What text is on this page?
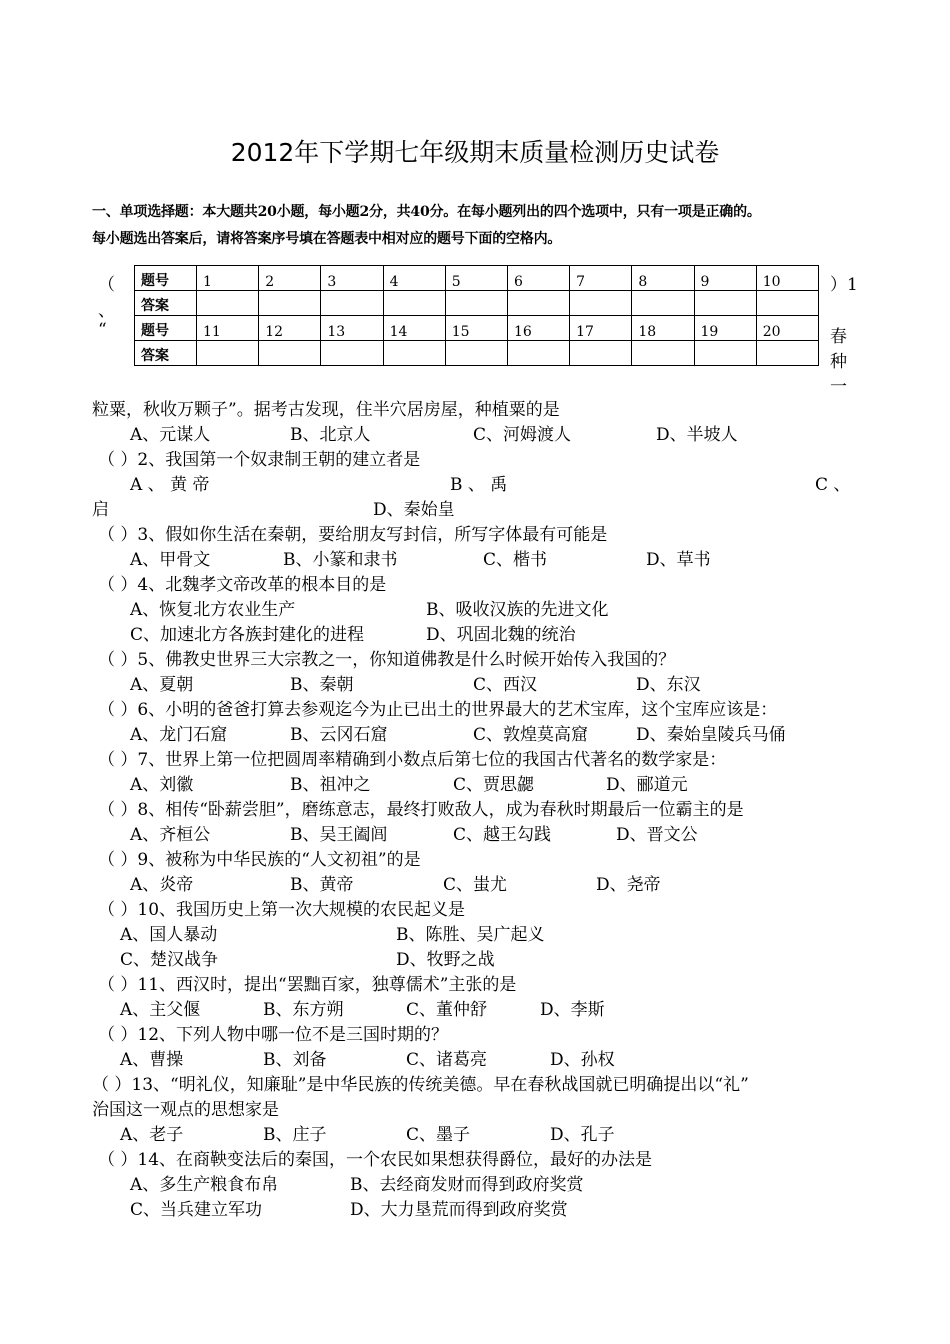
2012年下学期七年级期末质量检测历史试卷
一、单项选择题：本大题共20小题，每小题2分，共40分。在每小题列出的四个选项中，只有一项是正确的。
每小题选出答案后，请将答案序号填在答题表中相对应的题号下面的空格内。
题号	1	2	3	4	5	6	7	8	9	10
答案										
题号	11	12	13	14	15	16	17	18	19	20
答案										
（
、
“
）1
春
种
一
粒粟，秋收万颗子”。据考古发现，住半穴居房屋，种植粟的是
A、元谋人	B、北京人	C、河姆渡人	D、半坡人
（ ）2、我国第一个奴隶制王朝的建立者是
A 、 黄 帝	B 、 禹	C 、
启	D、秦始皇
（ ）3、假如你生活在秦朝，要给朋友写封信，所写字体最有可能是
A、甲骨文	B、小篆和隶书	C、楷书	D、草书
（ ）4、北魏孝文帝改革的根本目的是
A、恢复北方农业生产	B、吸收汉族的先进文化
C、加速北方各族封建化的进程	D、巩固北魏的统治
（ ）5、佛教史世界三大宗教之一，你知道佛教是什么时候开始传入我国的？
A、夏朝	B、秦朝	C、西汉	D、东汉
（ ）6、小明的爸爸打算去参观迄今为止已出土的世界最大的艺术宝库，这个宝库应该是：
A、龙门石窟	B、云冈石窟	C、敦煌莫高窟	D、秦始皇陵兵马俑
（ ）7、世界上第一位把圆周率精确到小数点后第七位的我国古代著名的数学家是：
A、刘徽	B、祖冲之	C、贾思勰	D、郦道元
（ ）8、相传“卧薪尝胆”，磨练意志，最终打败敌人，成为春秋时期最后一位霸主的是
A、齐桓公	B、吴王阖闾	C、越王勾践	D、晋文公
（ ）9、被称为中华民族的“人文初祖”的是
A、炎帝	B、黄帝	C、蚩尤	D、尧帝
（ ）10、我国历史上第一次大规模的农民起义是
A、国人暴动	B、陈胜、吴广起义
C、楚汉战争	D、牧野之战
（ ）11、西汉时，提出“罢黜百家，独尊儒术”主张的是
A、主父偃	B、东方朔	C、董仲舒	D、李斯
（ ）12、下列人物中哪一位不是三国时期的？
A、曹操	B、刘备	C、诸葛亮	D、孙权
（ ）13、“明礼仪，知廉耻”是中华民族的传统美德。早在春秋战国就已明确提出以“礼”
治国这一观点的思想家是
A、老子	B、庄子	C、墨子	D、孔子
（ ）14、在商鞅变法后的秦国，一个农民如果想获得爵位，最好的办法是
A、多生产粮食布帛	B、去经商发财而得到政府奖赏
C、当兵建立军功	D、大力垦荒而得到政府奖赏
